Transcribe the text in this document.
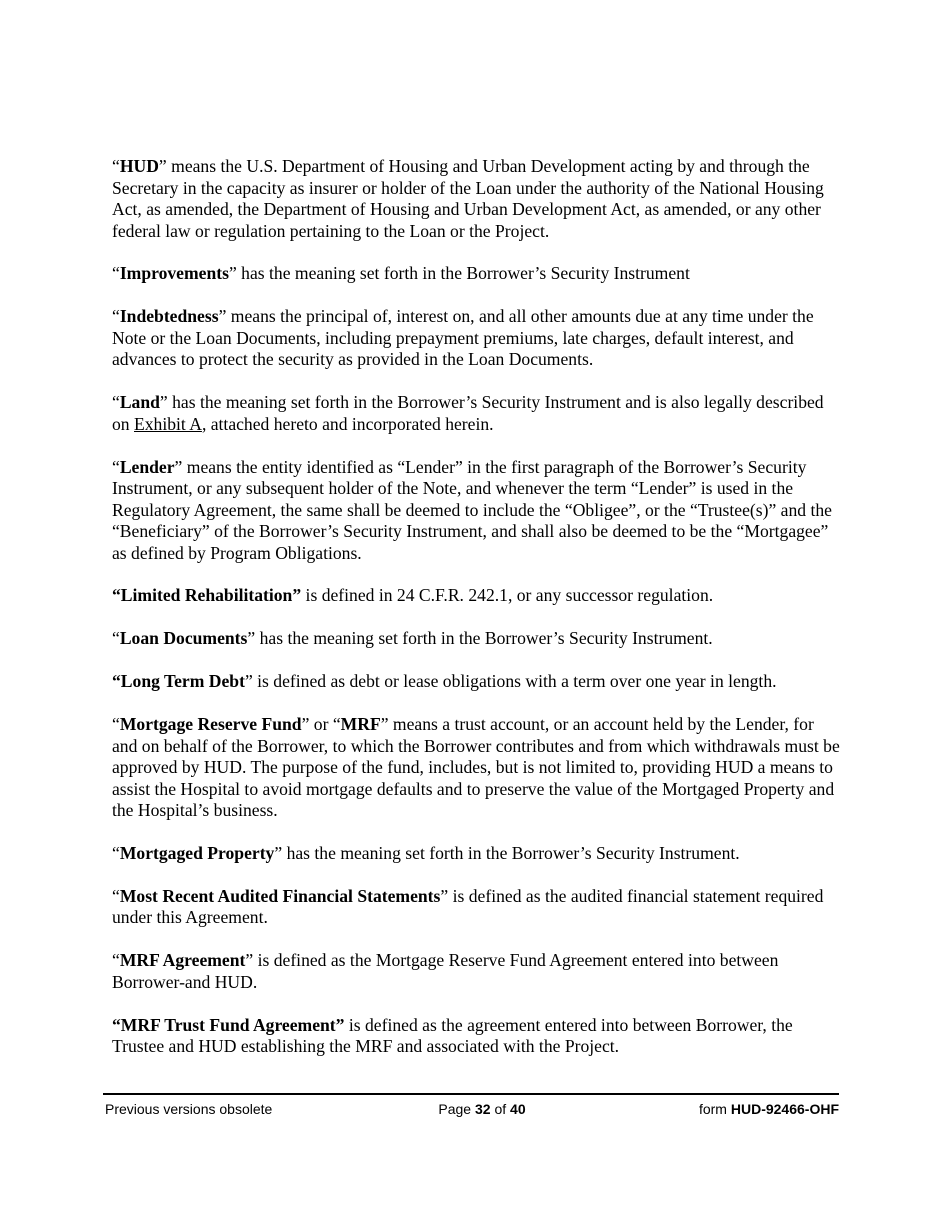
“HUD” means the U.S. Department of Housing and Urban Development acting by and through the Secretary in the capacity as insurer or holder of the Loan under the authority of the National Housing Act, as amended, the Department of Housing and Urban Development Act, as amended, or any other federal law or regulation pertaining to the Loan or the Project.

“Improvements” has the meaning set forth in the Borrower’s Security Instrument

“Indebtedness” means the principal of, interest on, and all other amounts due at any time under the Note or the Loan Documents, including prepayment premiums, late charges, default interest, and advances to protect the security as provided in the Loan Documents.

“Land” has the meaning set forth in the Borrower’s Security Instrument and is also legally described on Exhibit A, attached hereto and incorporated herein.

“Lender” means the entity identified as “Lender” in the first paragraph of the Borrower’s Security Instrument, or any subsequent holder of the Note, and whenever the term “Lender” is used in the Regulatory Agreement, the same shall be deemed to include the “Obligee”, or the “Trustee(s)” and the “Beneficiary” of the Borrower’s Security Instrument, and shall also be deemed to be the “Mortgagee” as defined by Program Obligations.

“Limited Rehabilitation” is defined in 24 C.F.R. 242.1, or any successor regulation.

“Loan Documents” has the meaning set forth in the Borrower’s Security Instrument.

“Long Term Debt” is defined as debt or lease obligations with a term over one year in length.

“Mortgage Reserve Fund” or “MRF” means a trust account, or an account held by the Lender, for and on behalf of the Borrower, to which the Borrower contributes and from which withdrawals must be approved by HUD. The purpose of the fund, includes, but is not limited to, providing HUD a means to assist the Hospital to avoid mortgage defaults and to preserve the value of the Mortgaged Property and the Hospital’s business.

“Mortgaged Property” has the meaning set forth in the Borrower’s Security Instrument.

“Most Recent Audited Financial Statements” is defined as the audited financial statement required under this Agreement.

“MRF Agreement” is defined as the Mortgage Reserve Fund Agreement entered into between Borrower-and HUD.

“MRF Trust Fund Agreement” is defined as the agreement entered into between Borrower, the Trustee and HUD establishing the MRF and associated with the Project.

Previous versions obsolete	Page 32 of 40	form HUD-92466-OHF
